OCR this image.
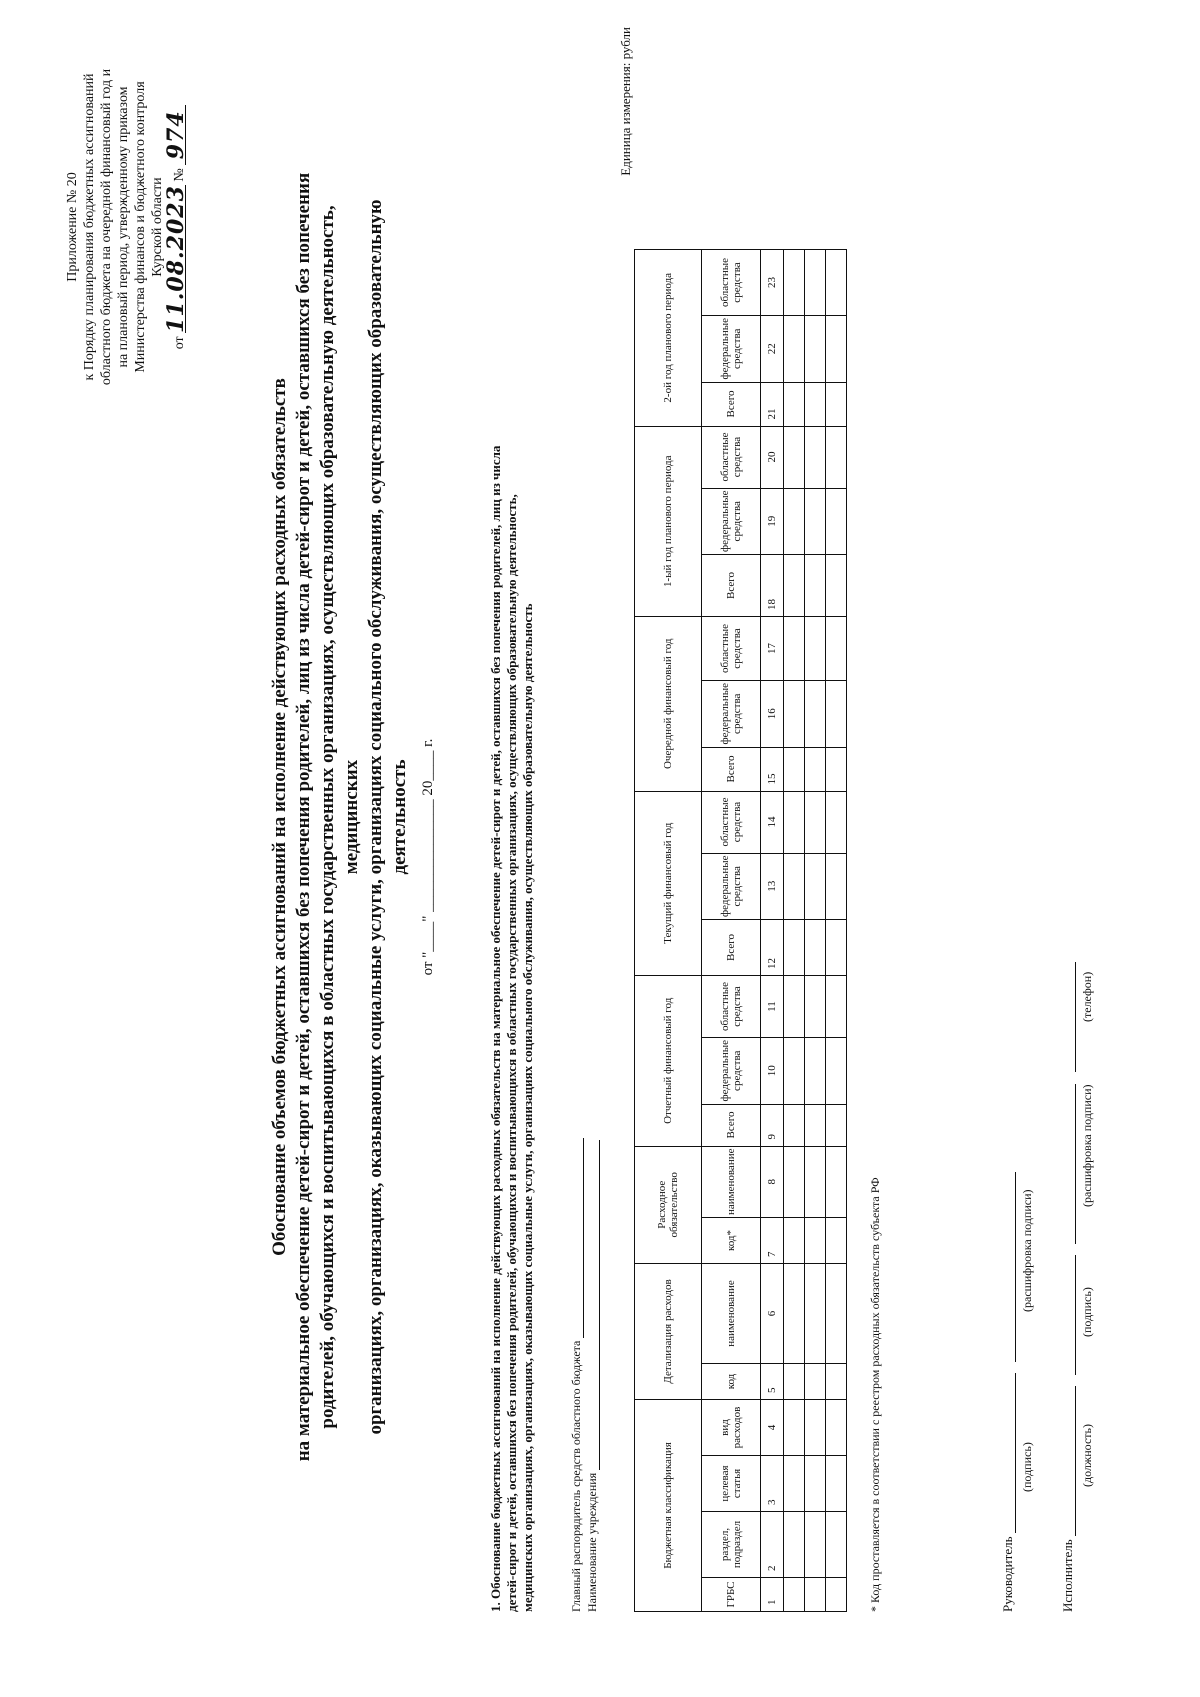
Приложение № 20 к Порядку планирования бюджетных ассигнований областного бюджета на очередной финансовый год и на плановый период, утвержденному приказом Министерства финансов и бюджетного контроля Курской области
от 11.08.2023 № 974
Обоснование объемов бюджетных ассигнований на исполнение действующих расходных обязательств на материальное обеспечение детей-сирот и детей, оставшихся без попечения родителей, лиц из числа детей-сирот и детей, оставшихся без попечения родителей, обучающихся и воспитывающихся в областных государственных организациях, осуществляющих образовательную деятельность, медицинских организациях, организациях, оказывающих социальные услуги, организациях социального обслуживания, осуществляющих образовательную деятельность от "____" _______________ 20____ г.	1. Обоснование бюджетных ассигнований на исполнение действующих расходных обязательств на материальное обеспечение детей-сирот и детей, оставшихся без попечения родителей, лиц из числа детей-сирот и детей, оставшихся без попечения родителей, обучающихся и воспитывающихся в областных государственных организациях, осуществляющих образовательную деятельность, медицинских организациях, организациях, оказывающих социальные услуги, организациях социального обслуживания, осуществляющих образовательную деятельность	Главный распорядитель средств областного бюджета Наименование учреждения
Единица измерения: рубли
Бюджетная классификация				Детализация расходов		Расходное обязательство		Отчетный финансовый год			Текущий финансовый год			Очередной финансовый год			1-ый год планового периода			2-ой год планового периода		
ГРБС	раздел, подраздел	целевая статья	вид расходов	код	наименование	код*	наименование	Всего	федеральные средства	областные средства	Всего	федеральные средства	областные средства	Всего	федеральные средства	областные средства	Всего	федеральные средства	областные средства	Всего	федеральные средства	областные средства
1	2	3	4	5	6	7	8	9	10	11	12	13	14	15	16	17	18	19	20	21	22	23

* Код проставляется в соответствии с реестром расходных обязательств субъекта РФ	Руководитель
(подпись)
(расшифровка подписи)
Исполнитель
(должность)
(подпись)
(расшифровка подписи)
(телефон)
